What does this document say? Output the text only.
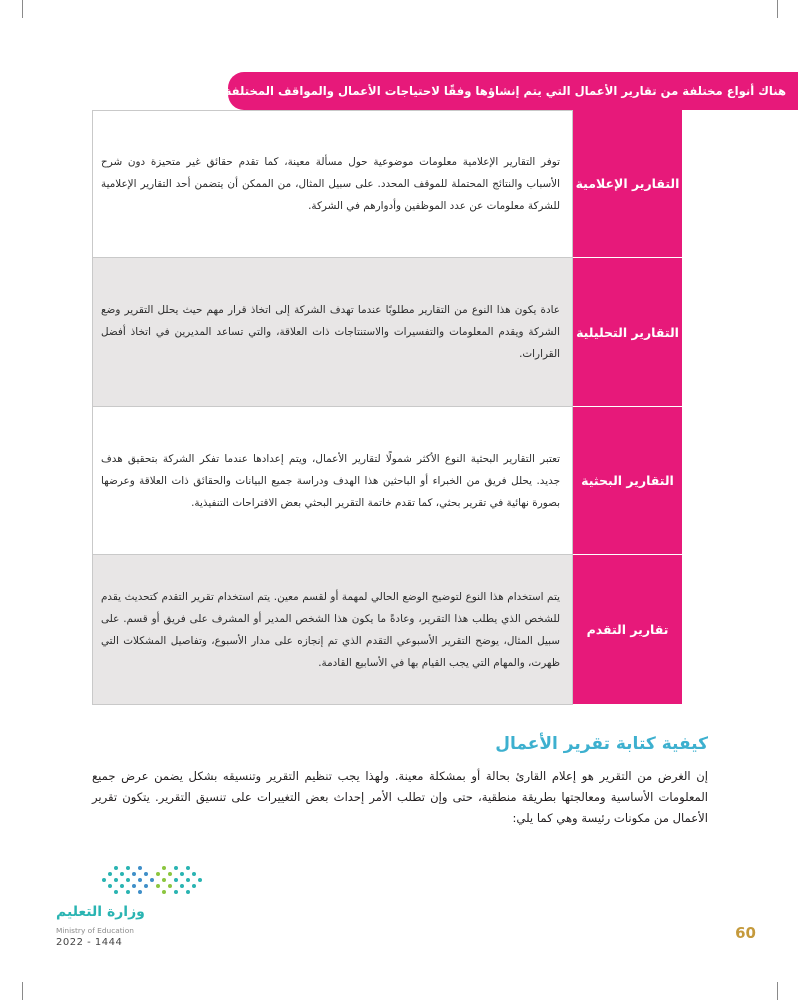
هناك أنواع مختلفة من تقارير الأعمال التي يتم إنشاؤها وفقًا لاحتياجات الأعمال والمواقف المختلفة:
التقارير الإعلامية
توفر التقارير الإعلامية معلومات موضوعية حول مسألة معينة، كما تقدم حقائق غير متحيزة دون شرح الأسباب والنتائج المحتملة للموقف المحدد. على سبيل المثال، من الممكن أن يتضمن أحد التقارير الإعلامية للشركة معلومات عن عدد الموظفين وأدوارهم في الشركة.
التقارير التحليلية
عادة يكون هذا النوع من التقارير مطلوبًا عندما تهدف الشركة إلى اتخاذ قرار مهم حيث يحلل التقرير وضع الشركة ويقدم المعلومات والتفسيرات والاستنتاجات ذات العلاقة، والتي تساعد المديرين في اتخاذ أفضل القرارات.
التقارير البحثية
تعتبر التقارير البحثية النوع الأكثر شمولًا لتقارير الأعمال، ويتم إعدادها عندما تفكر الشركة بتحقيق هدف جديد. يحلل فريق من الخبراء أو الباحثين هذا الهدف ودراسة جميع البيانات والحقائق ذات العلاقة وعرضها بصورة نهائية في تقرير بحثي، كما تقدم خاتمة التقرير البحثي بعض الاقتراحات التنفيذية.
تقارير التقدم
يتم استخدام هذا النوع لتوضيح الوضع الحالي لمهمة أو لقسم معين. يتم استخدام تقرير التقدم كتحديث يقدم للشخص الذي يطلب هذا التقرير، وعادةً ما يكون هذا الشخص المدير أو المشرف على فريق أو قسم. على سبيل المثال، يوضح التقرير الأسبوعي التقدم الذي تم إنجازه على مدار الأسبوع، وتفاصيل المشكلات التي ظهرت، والمهام التي يجب القيام بها في الأسابيع القادمة.
كيفية كتابة تقرير الأعمال
إن الغرض من التقرير هو إعلام القارئ بحالة أو بمشكلة معينة. ولهذا يجب تنظيم التقرير وتنسيقه بشكل يضمن عرض جميع المعلومات الأساسية ومعالجتها بطريقة منطقية، حتى وإن تطلب الأمر إحداث بعض التغييرات على تنسيق التقرير. يتكون تقرير الأعمال من مكونات رئيسة وهي كما يلي:
وزارة التعليم
Ministry of Education
2022 - 1444
60
